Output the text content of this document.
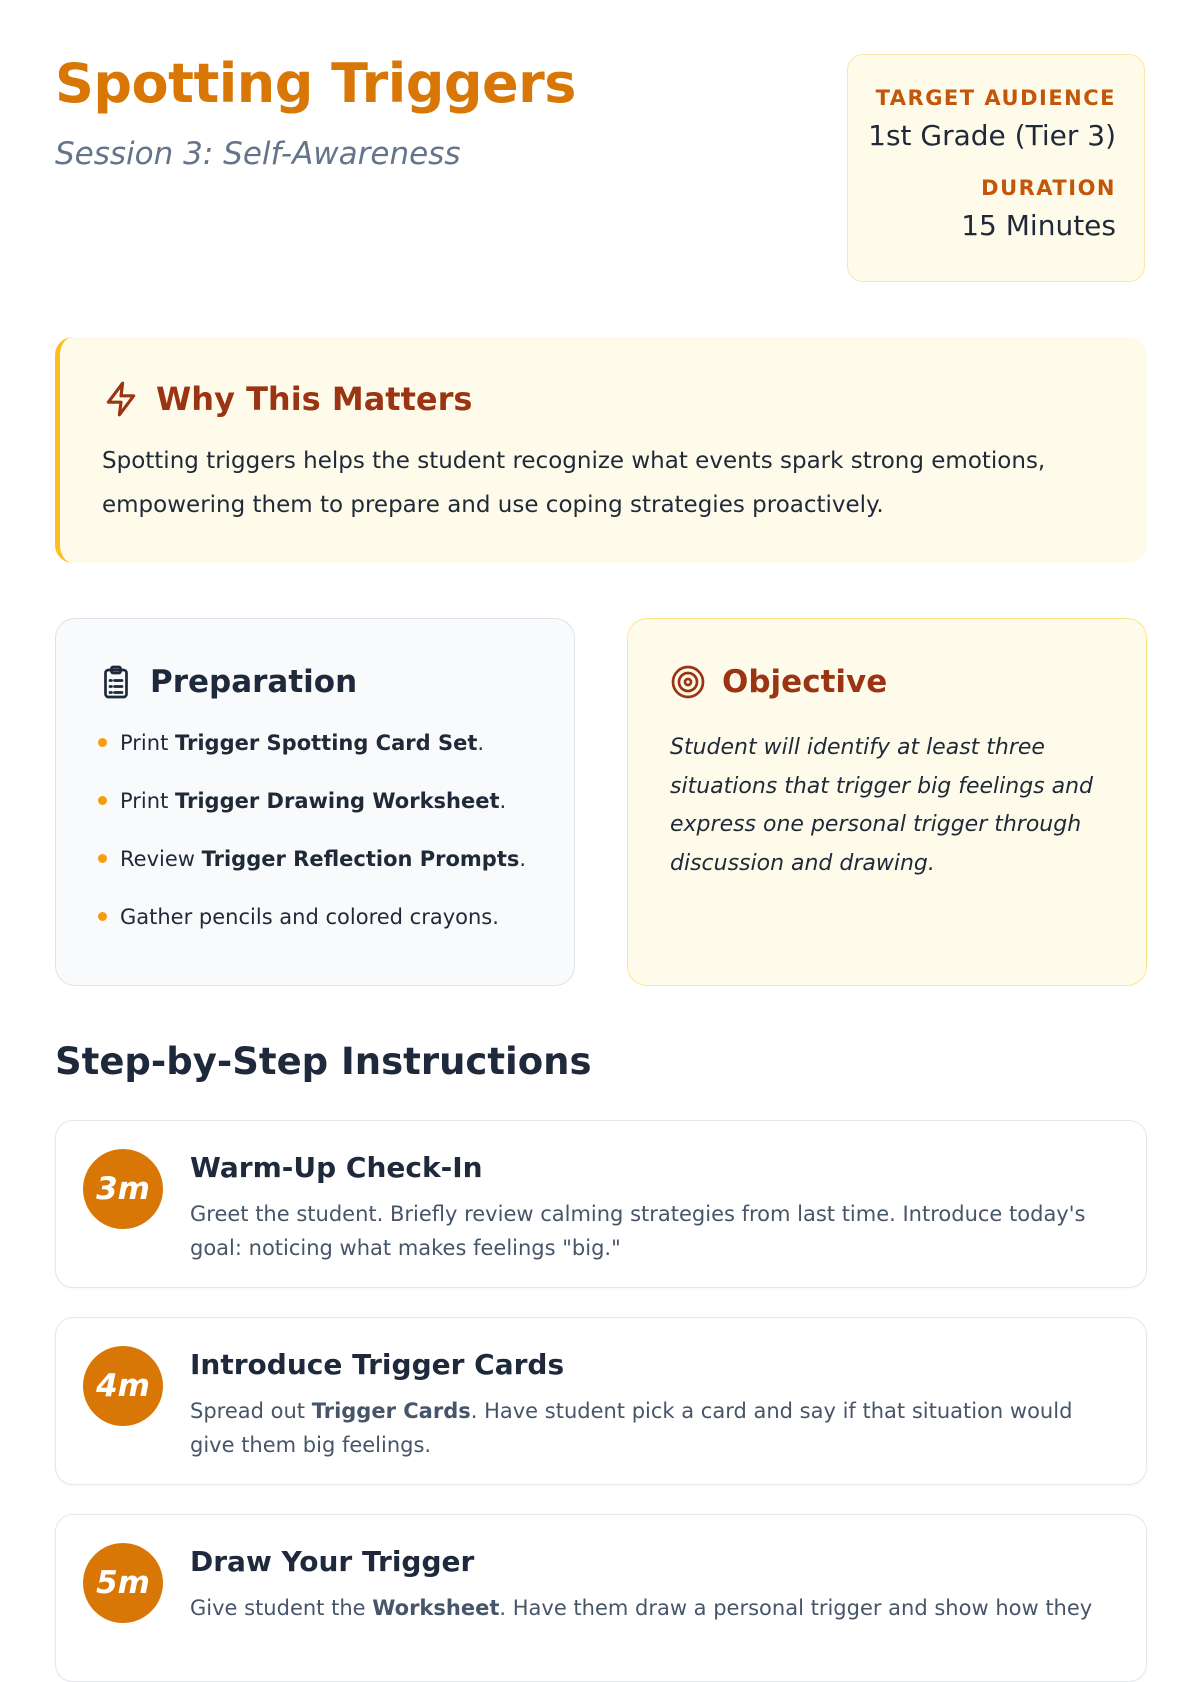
Spotting Triggers
Session 3: Self-Awareness
TARGET AUDIENCE
1st Grade (Tier 3)
DURATION
15 Minutes
Why This Matters
Spotting triggers helps the student recognize what events spark strong emotions, empowering them to prepare and use coping strategies proactively.
Preparation
Print Trigger Spotting Card Set.
Print Trigger Drawing Worksheet.
Review Trigger Reflection Prompts.
Gather pencils and colored crayons.
Objective
Student will identify at least three situations that trigger big feelings and express one personal trigger through discussion and drawing.
Step-by-Step Instructions
3m
Warm-Up Check-In
Greet the student. Briefly review calming strategies from last time. Introduce today's goal: noticing what makes feelings "big."
4m
Introduce Trigger Cards
Spread out Trigger Cards. Have student pick a card and say if that situation would give them big feelings.
5m
Draw Your Trigger
Give student the Worksheet. Have them draw a personal trigger and show how they
